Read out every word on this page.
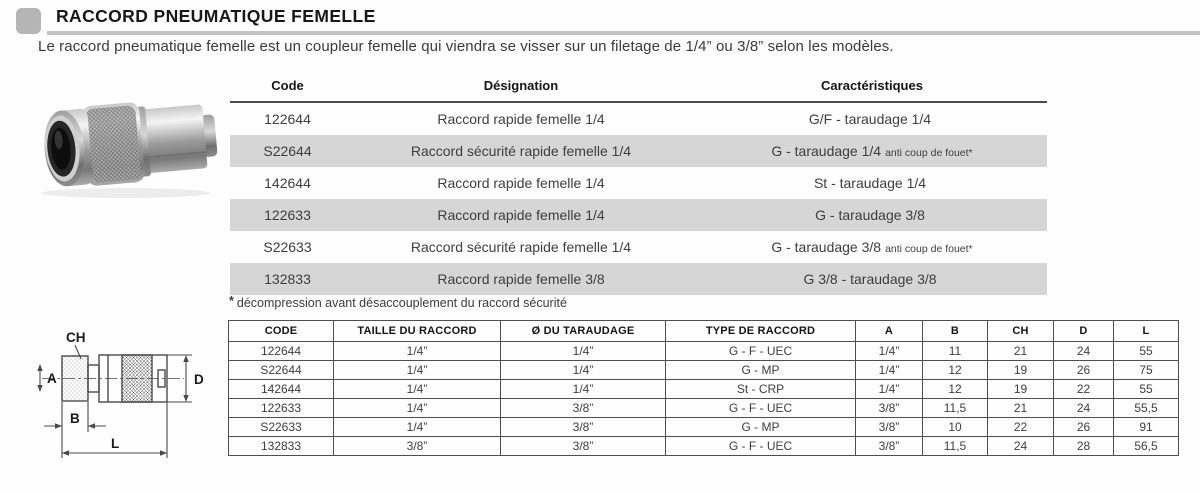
RACCORD PNEUMATIQUE FEMELLE

Le raccord pneumatique femelle est un coupleur femelle qui viendra se visser sur un filetage de 1/4” ou 3/8” selon les modèles.

Code	Désignation	Caractéristiques
122644	Raccord rapide femelle 1/4	G/F - taraudage 1/4
S22644	Raccord sécurité rapide femelle 1/4	G - taraudage 1/4 anti coup de fouet*
142644	Raccord rapide femelle 1/4	St - taraudage 1/4
122633	Raccord rapide femelle 1/4	G - taraudage 3/8
S22633	Raccord sécurité rapide femelle 1/4	G - taraudage 3/8 anti coup de fouet*
132833	Raccord rapide femelle 3/8	G 3/8 - taraudage 3/8

* décompression avant désaccouplement du raccord sécurité

CH
A
B
D
L
CODE	TAILLE DU RACCORD	Ø DU TARAUDAGE	TYPE DE RACCORD	A	B	CH	D	L
122644	1/4”	1/4”	G - F - UEC	1/4”	11	21	24	55
S22644	1/4”	1/4”	G - MP	1/4”	12	19	26	75
142644	1/4”	1/4”	St - CRP	1/4”	12	19	22	55
122633	1/4”	3/8”	G - F - UEC	3/8”	11,5	21	24	55,5
S22633	1/4”	3/8”	G - MP	3/8”	10	22	26	91
132833	3/8”	3/8”	G - F - UEC	3/8”	11,5	24	28	56,5
